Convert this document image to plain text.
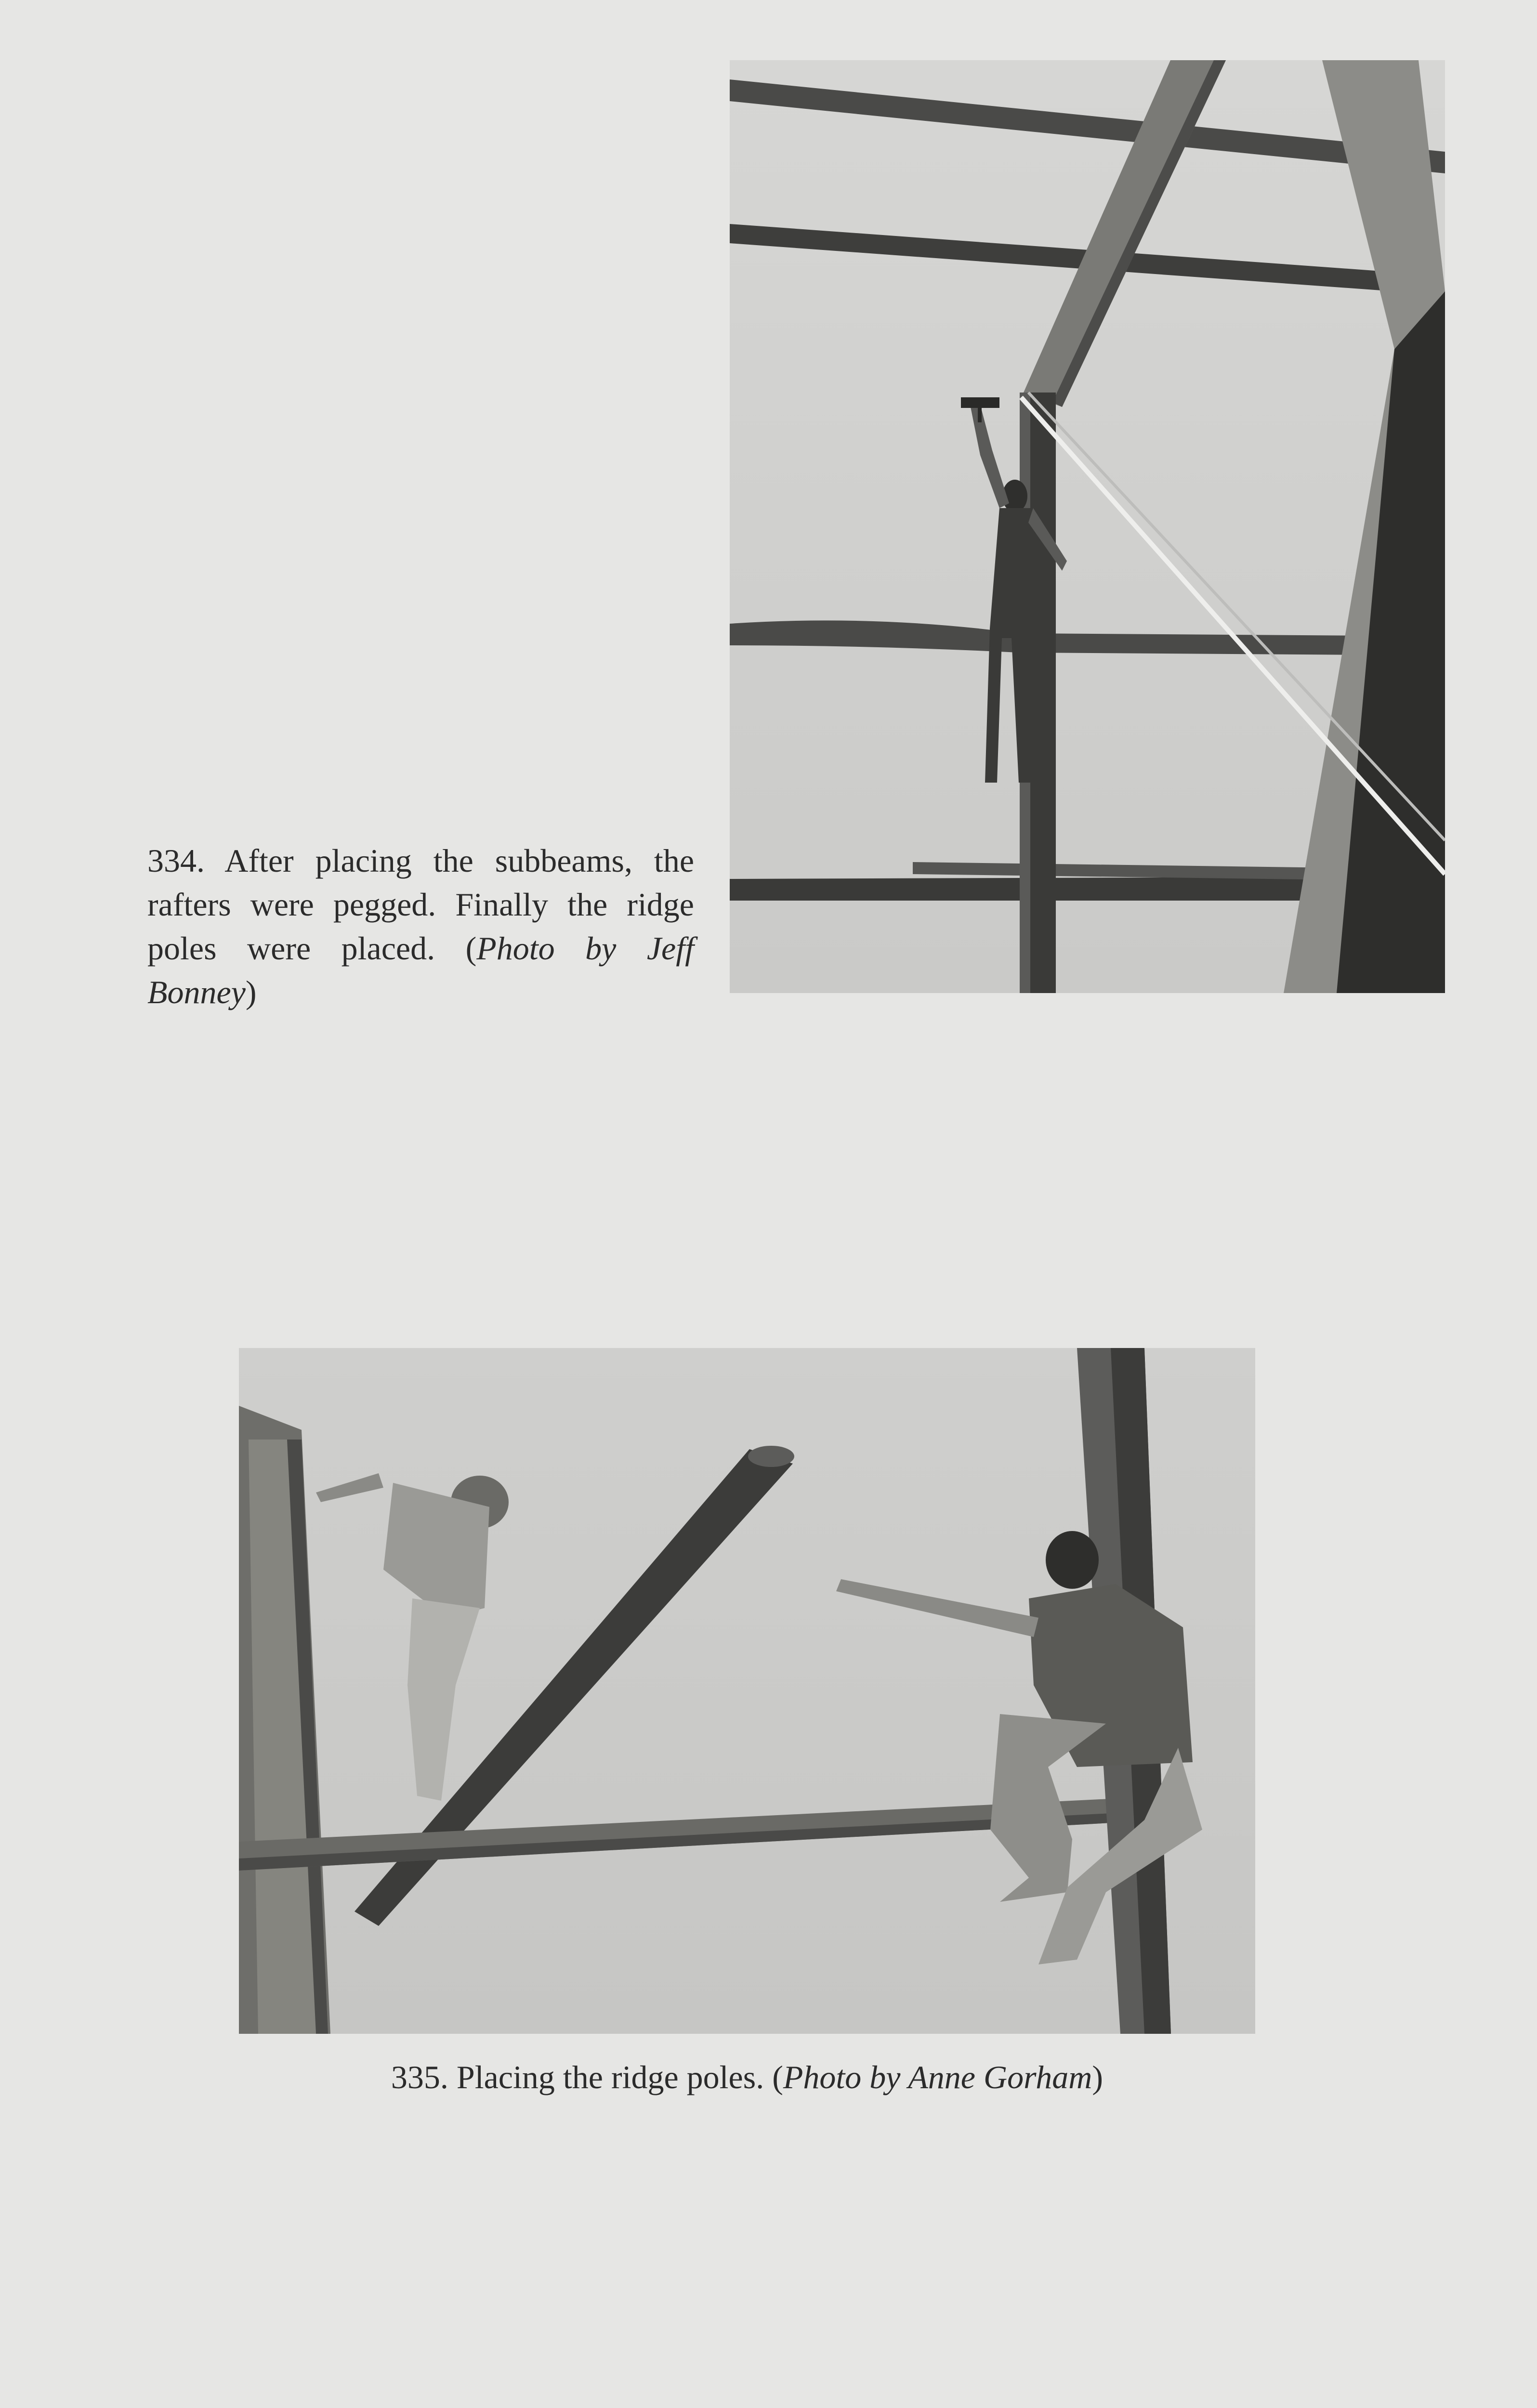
334. After placing the subbeams, the rafters were pegged. Finally the ridge poles were placed. (Photo by Jeff Bonney)
335. Placing the ridge poles. (Photo by Anne Gorham)
